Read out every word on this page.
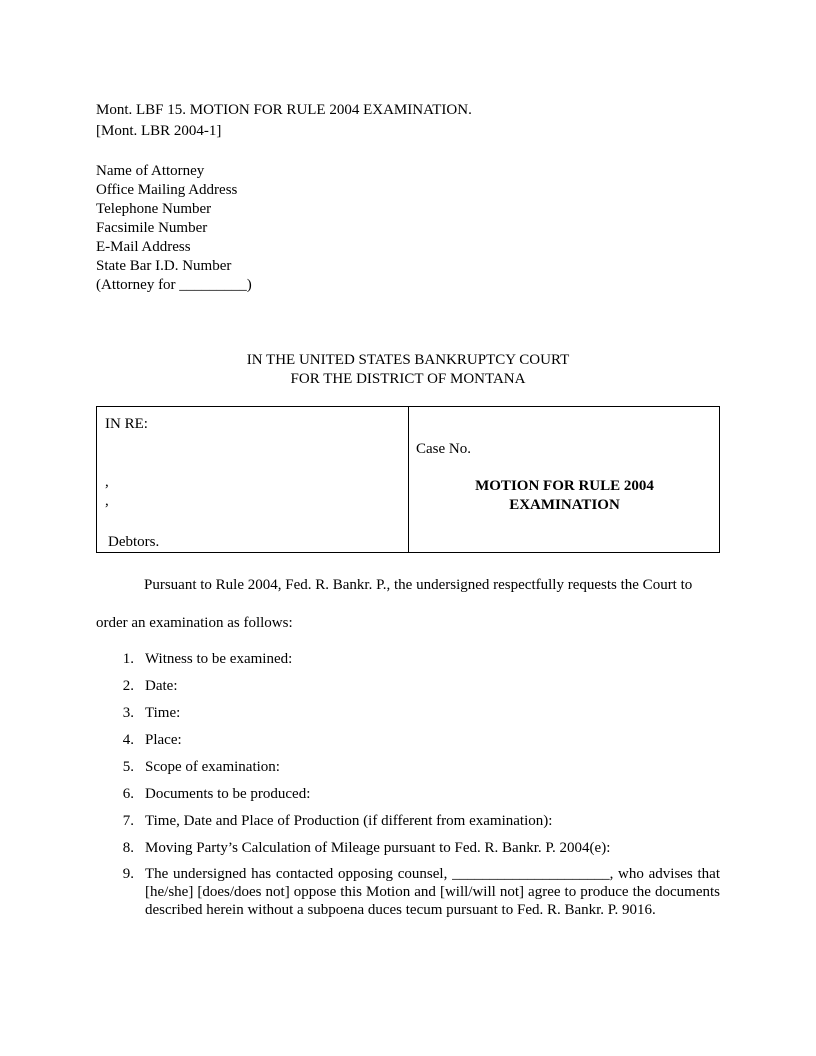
Mont. LBF 15. MOTION FOR RULE 2004 EXAMINATION.
[Mont. LBR 2004-1]
Name of Attorney
Office Mailing Address
Telephone Number
Facsimile Number
E-Mail Address
State Bar I.D. Number
(Attorney for _________)
IN THE UNITED STATES BANKRUPTCY COURT
FOR THE DISTRICT OF MONTANA
IN RE:
,
,
Debtors.
Case No.
MOTION FOR RULE 2004
EXAMINATION
Pursuant to Rule 2004, Fed. R. Bankr. P., the undersigned respectfully requests the Court to
order an examination as follows:
1. Witness to be examined:
2. Date:
3. Time:
4. Place:
5. Scope of examination:
6. Documents to be produced:
7. Time, Date and Place of Production (if different from examination):
8. Moving Party’s Calculation of Mileage pursuant to Fed. R. Bankr. P. 2004(e):
9. The undersigned has contacted opposing counsel, _____________________, who advises that [he/she] [does/does not] oppose this Motion and [will/will not] agree to produce the documents described herein without a subpoena duces tecum pursuant to Fed. R. Bankr. P. 9016.
